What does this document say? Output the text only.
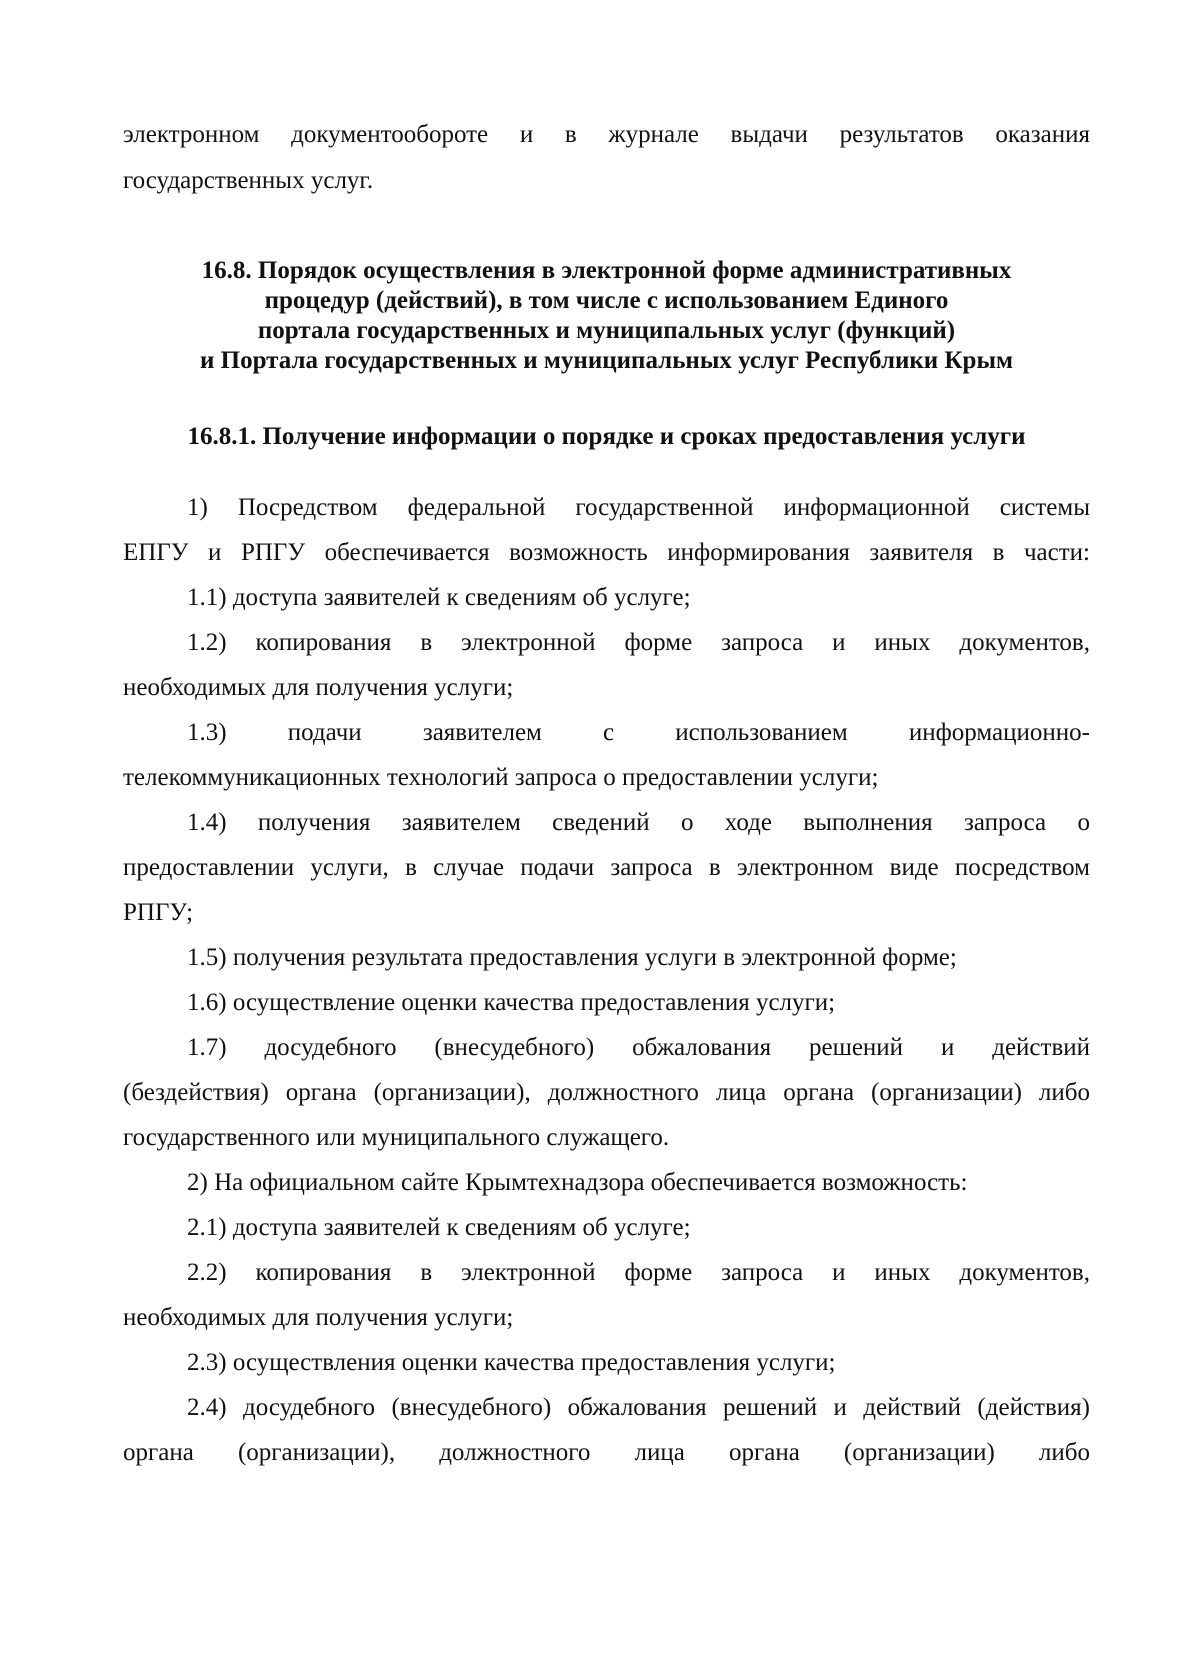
электронном документообороте и в журнале выдачи результатов оказания
государственных услуг.
16.8. Порядок осуществления в электронной форме административных
процедур (действий), в том числе с использованием Единого
портала государственных и муниципальных услуг (функций)
и Портала государственных и муниципальных услуг Республики Крым
16.8.1. Получение информации о порядке и сроках предоставления услуги
1) Посредством федеральной государственной информационной системы
ЕПГУ и РПГУ обеспечивается возможность информирования заявителя в части:
1.1) доступа заявителей к сведениям об услуге;
1.2) копирования в электронной форме запроса и иных документов,
необходимых для получения услуги;
1.3) подачи заявителем с использованием информационно-
телекоммуникационных технологий запроса о предоставлении услуги;
1.4) получения заявителем сведений о ходе выполнения запроса о
предоставлении услуги, в случае подачи запроса в электронном виде посредством
РПГУ;
1.5) получения результата предоставления услуги в электронной форме;
1.6) осуществление оценки качества предоставления услуги;
1.7) досудебного (внесудебного) обжалования решений и действий
(бездействия) органа (организации), должностного лица органа (организации) либо
государственного или муниципального служащего.
2) На официальном сайте Крымтехнадзора обеспечивается возможность:
2.1) доступа заявителей к сведениям об услуге;
2.2) копирования в электронной форме запроса и иных документов,
необходимых для получения услуги;
2.3) осуществления оценки качества предоставления услуги;
2.4) досудебного (внесудебного) обжалования решений и действий (действия)
органа (организации), должностного лица органа (организации) либо
